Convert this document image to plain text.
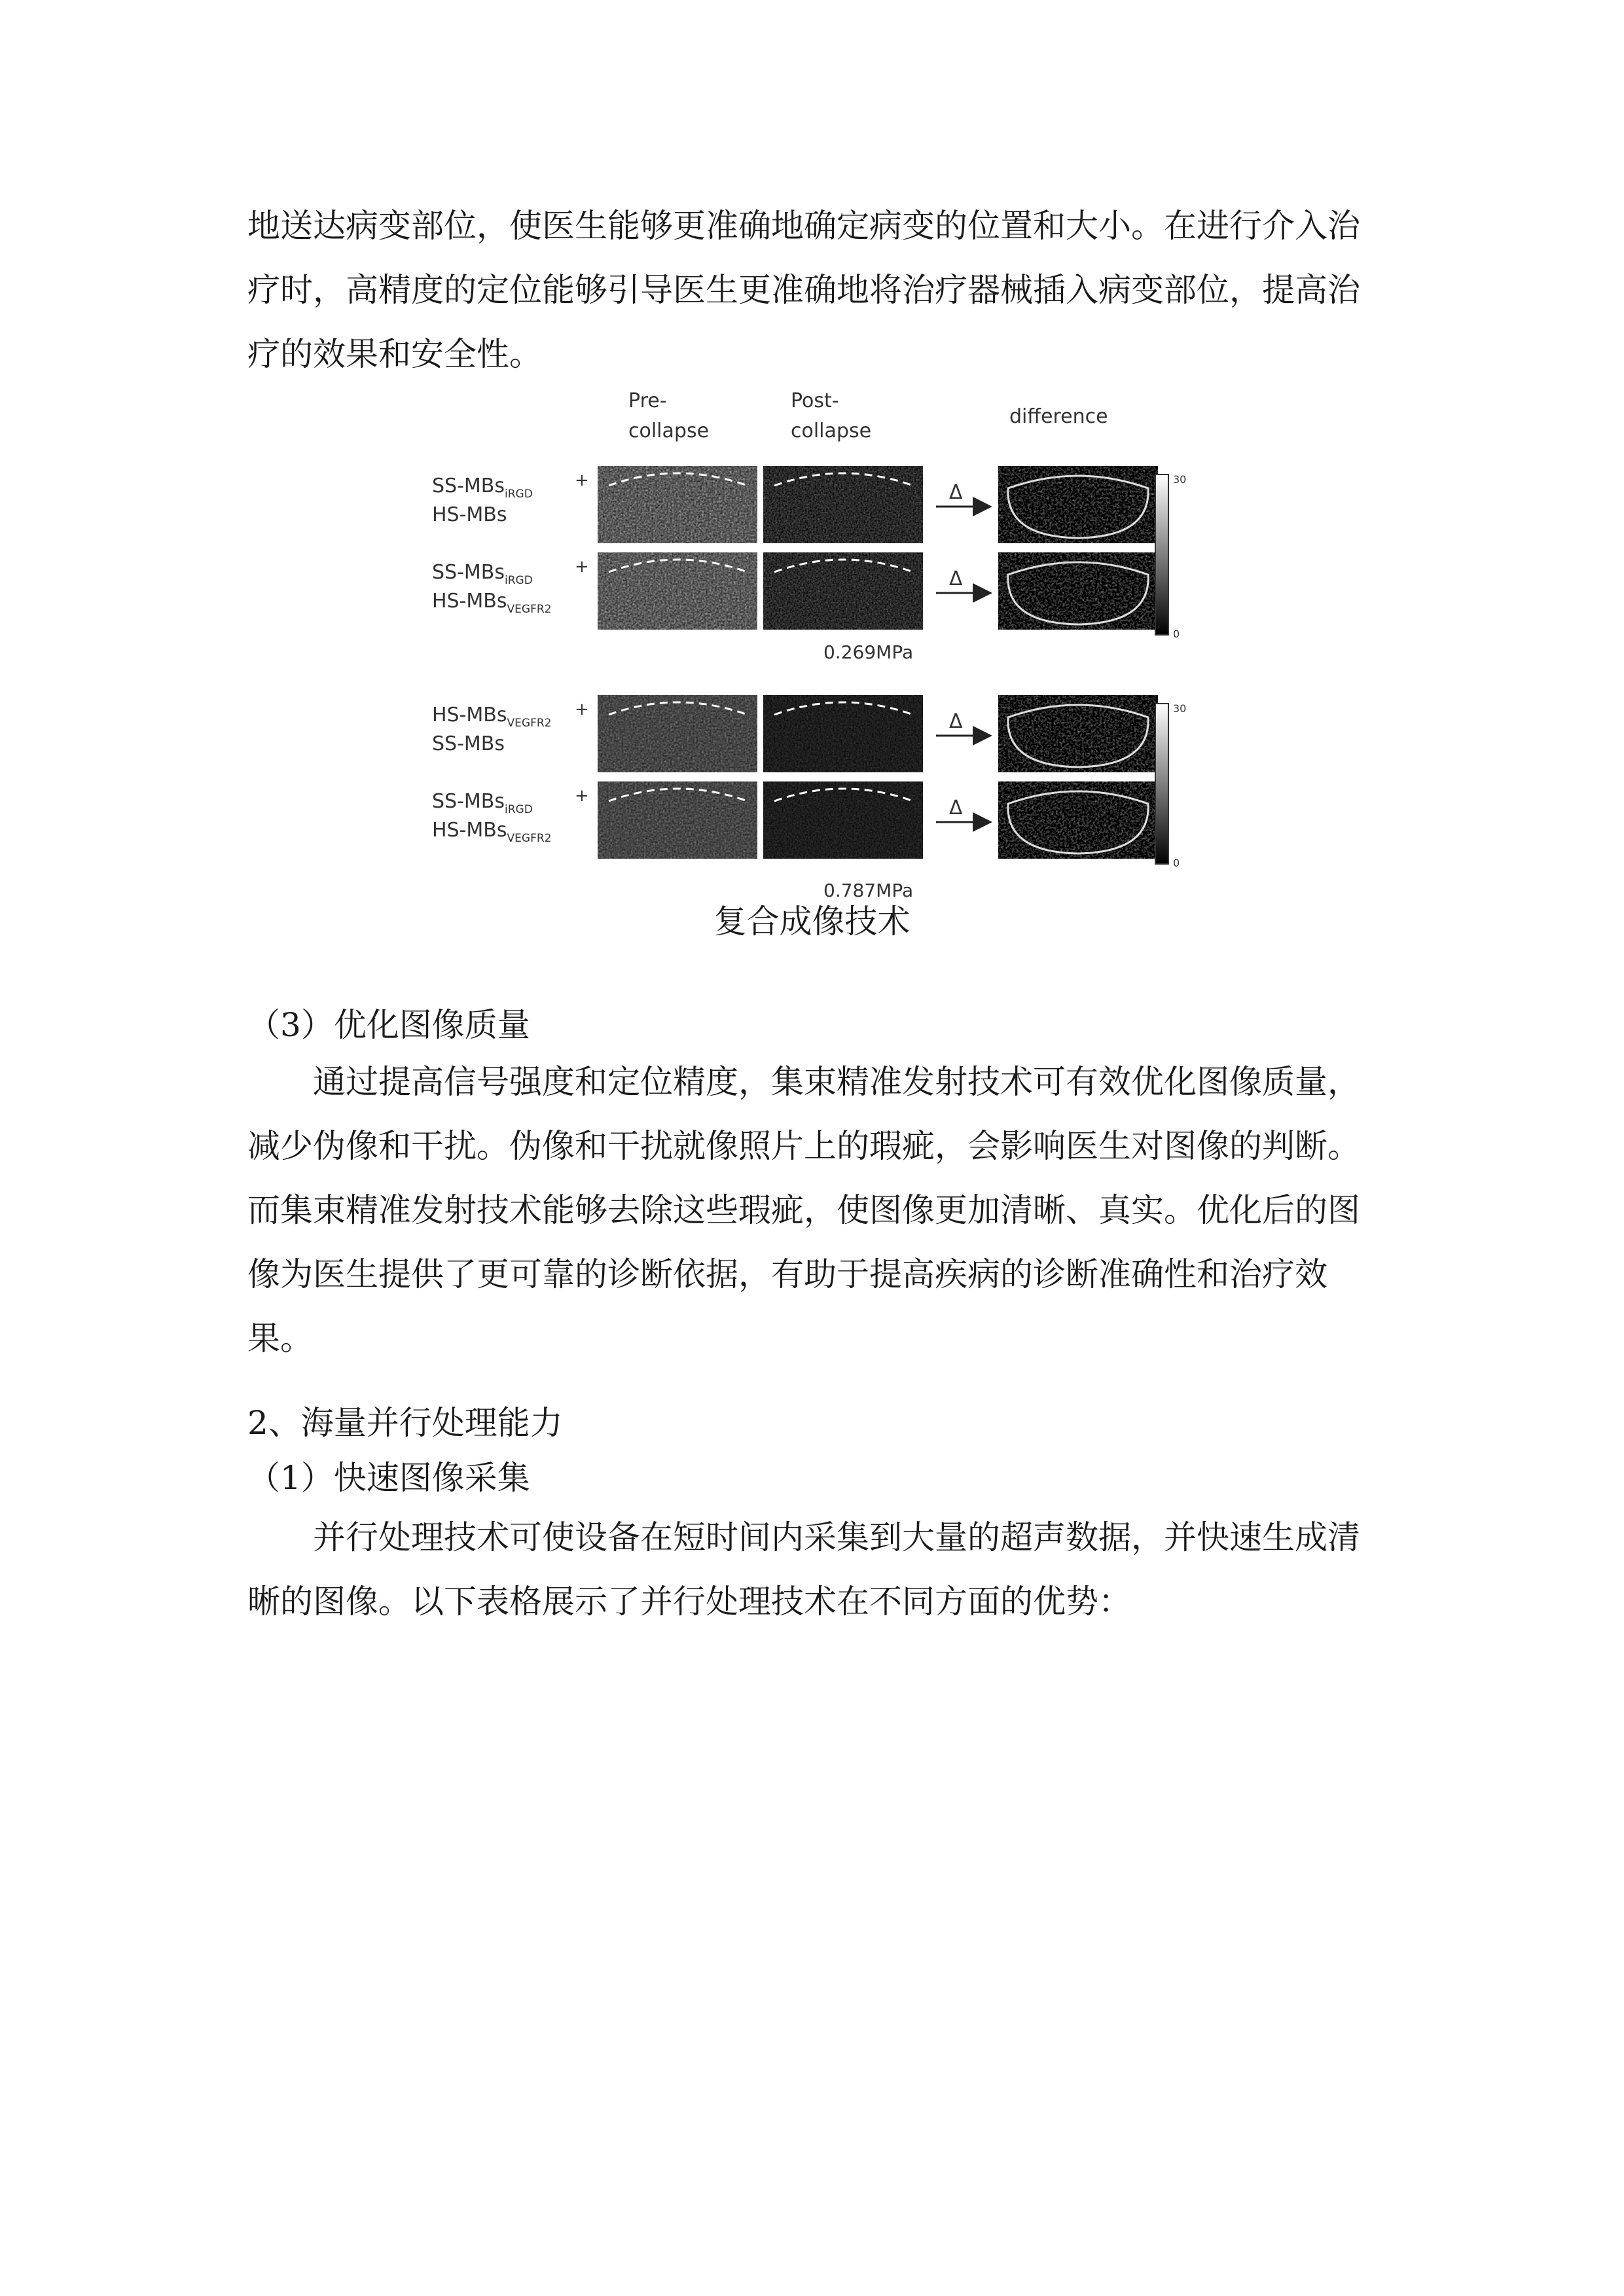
地送达病变部位，使医生能够更准确地确定病变的位置和大小。在进行介入治
疗时，高精度的定位能够引导医生更准确地将治疗器械插入病变部位，提高治
疗的效果和安全性。
Pre-
collapse
Post-
collapse
difference
SS-MBs$_{iRGD}$
+
HS-MBs
Δ
SS-MBs$_{iRGD}$
+
HS-MBs$_{VEGFR2}$
Δ
HS-MBs$_{VEGFR2}$
+
SS-MBs
Δ
SS-MBs$_{iRGD}$
+
HS-MBs$_{VEGFR2}$
Δ
0.269MPa
0.787MPa
30
0
30
0

复合成像技术

（3）优化图像质量

通过提高信号强度和定位精度，集束精准发射技术可有效优化图像质量，
减少伪像和干扰。伪像和干扰就像照片上的瑕疵，会影响医生对图像的判断。
而集束精准发射技术能够去除这些瑕疵，使图像更加清晰、真实。优化后的图
像为医生提供了更可靠的诊断依据，有助于提高疾病的诊断准确性和治疗效
果。

2、海量并行处理能力

（1）快速图像采集

并行处理技术可使设备在短时间内采集到大量的超声数据，并快速生成清
晰的图像。以下表格展示了并行处理技术在不同方面的优势：
